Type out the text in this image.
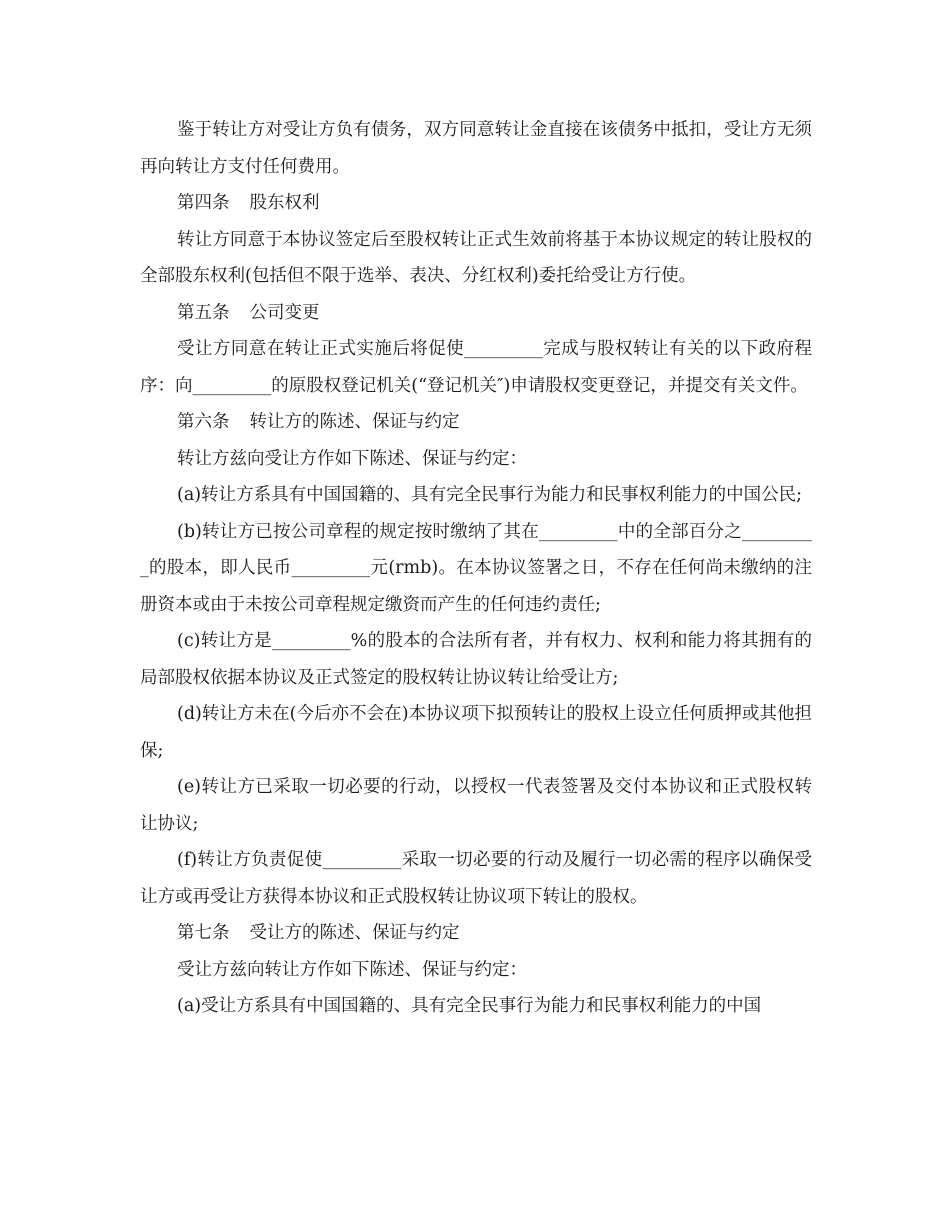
鉴于转让方对受让方负有债务，双方同意转让金直接在该债务中抵扣，受让方无须再向转让方支付任何费用。

第四条 股东权利

转让方同意于本协议签定后至股权转让正式生效前将基于本协议规定的转让股权的全部股东权利(包括但不限于选举、表决、分红权利)委托给受让方行使。

第五条 公司变更

受让方同意在转让正式实施后将促使_________完成与股权转让有关的以下政府程序：向_________的原股权登记机关(“登记机关″)申请股权变更登记，并提交有关文件。

第六条 转让方的陈述、保证与约定

转让方兹向受让方作如下陈述、保证与约定：

(a)转让方系具有中国国籍的、具有完全民事行为能力和民事权利能力的中国公民;

(b)转让方已按公司章程的规定按时缴纳了其在_________中的全部百分之_________的股本，即人民币_________元(rmb)。在本协议签署之日，不存在任何尚未缴纳的注册资本或由于未按公司章程规定缴资而产生的任何违约责任;

(c)转让方是_________%的股本的合法所有者，并有权力、权利和能力将其拥有的局部股权依据本协议及正式签定的股权转让协议转让给受让方;

(d)转让方未在(今后亦不会在)本协议项下拟预转让的股权上设立任何质押或其他担保;

(e)转让方已采取一切必要的行动，以授权一代表签署及交付本协议和正式股权转让协议;

(f)转让方负责促使_________采取一切必要的行动及履行一切必需的程序以确保受让方或再受让方获得本协议和正式股权转让协议项下转让的股权。

第七条 受让方的陈述、保证与约定

受让方兹向转让方作如下陈述、保证与约定：

(a)受让方系具有中国国籍的、具有完全民事行为能力和民事权利能力的中国
